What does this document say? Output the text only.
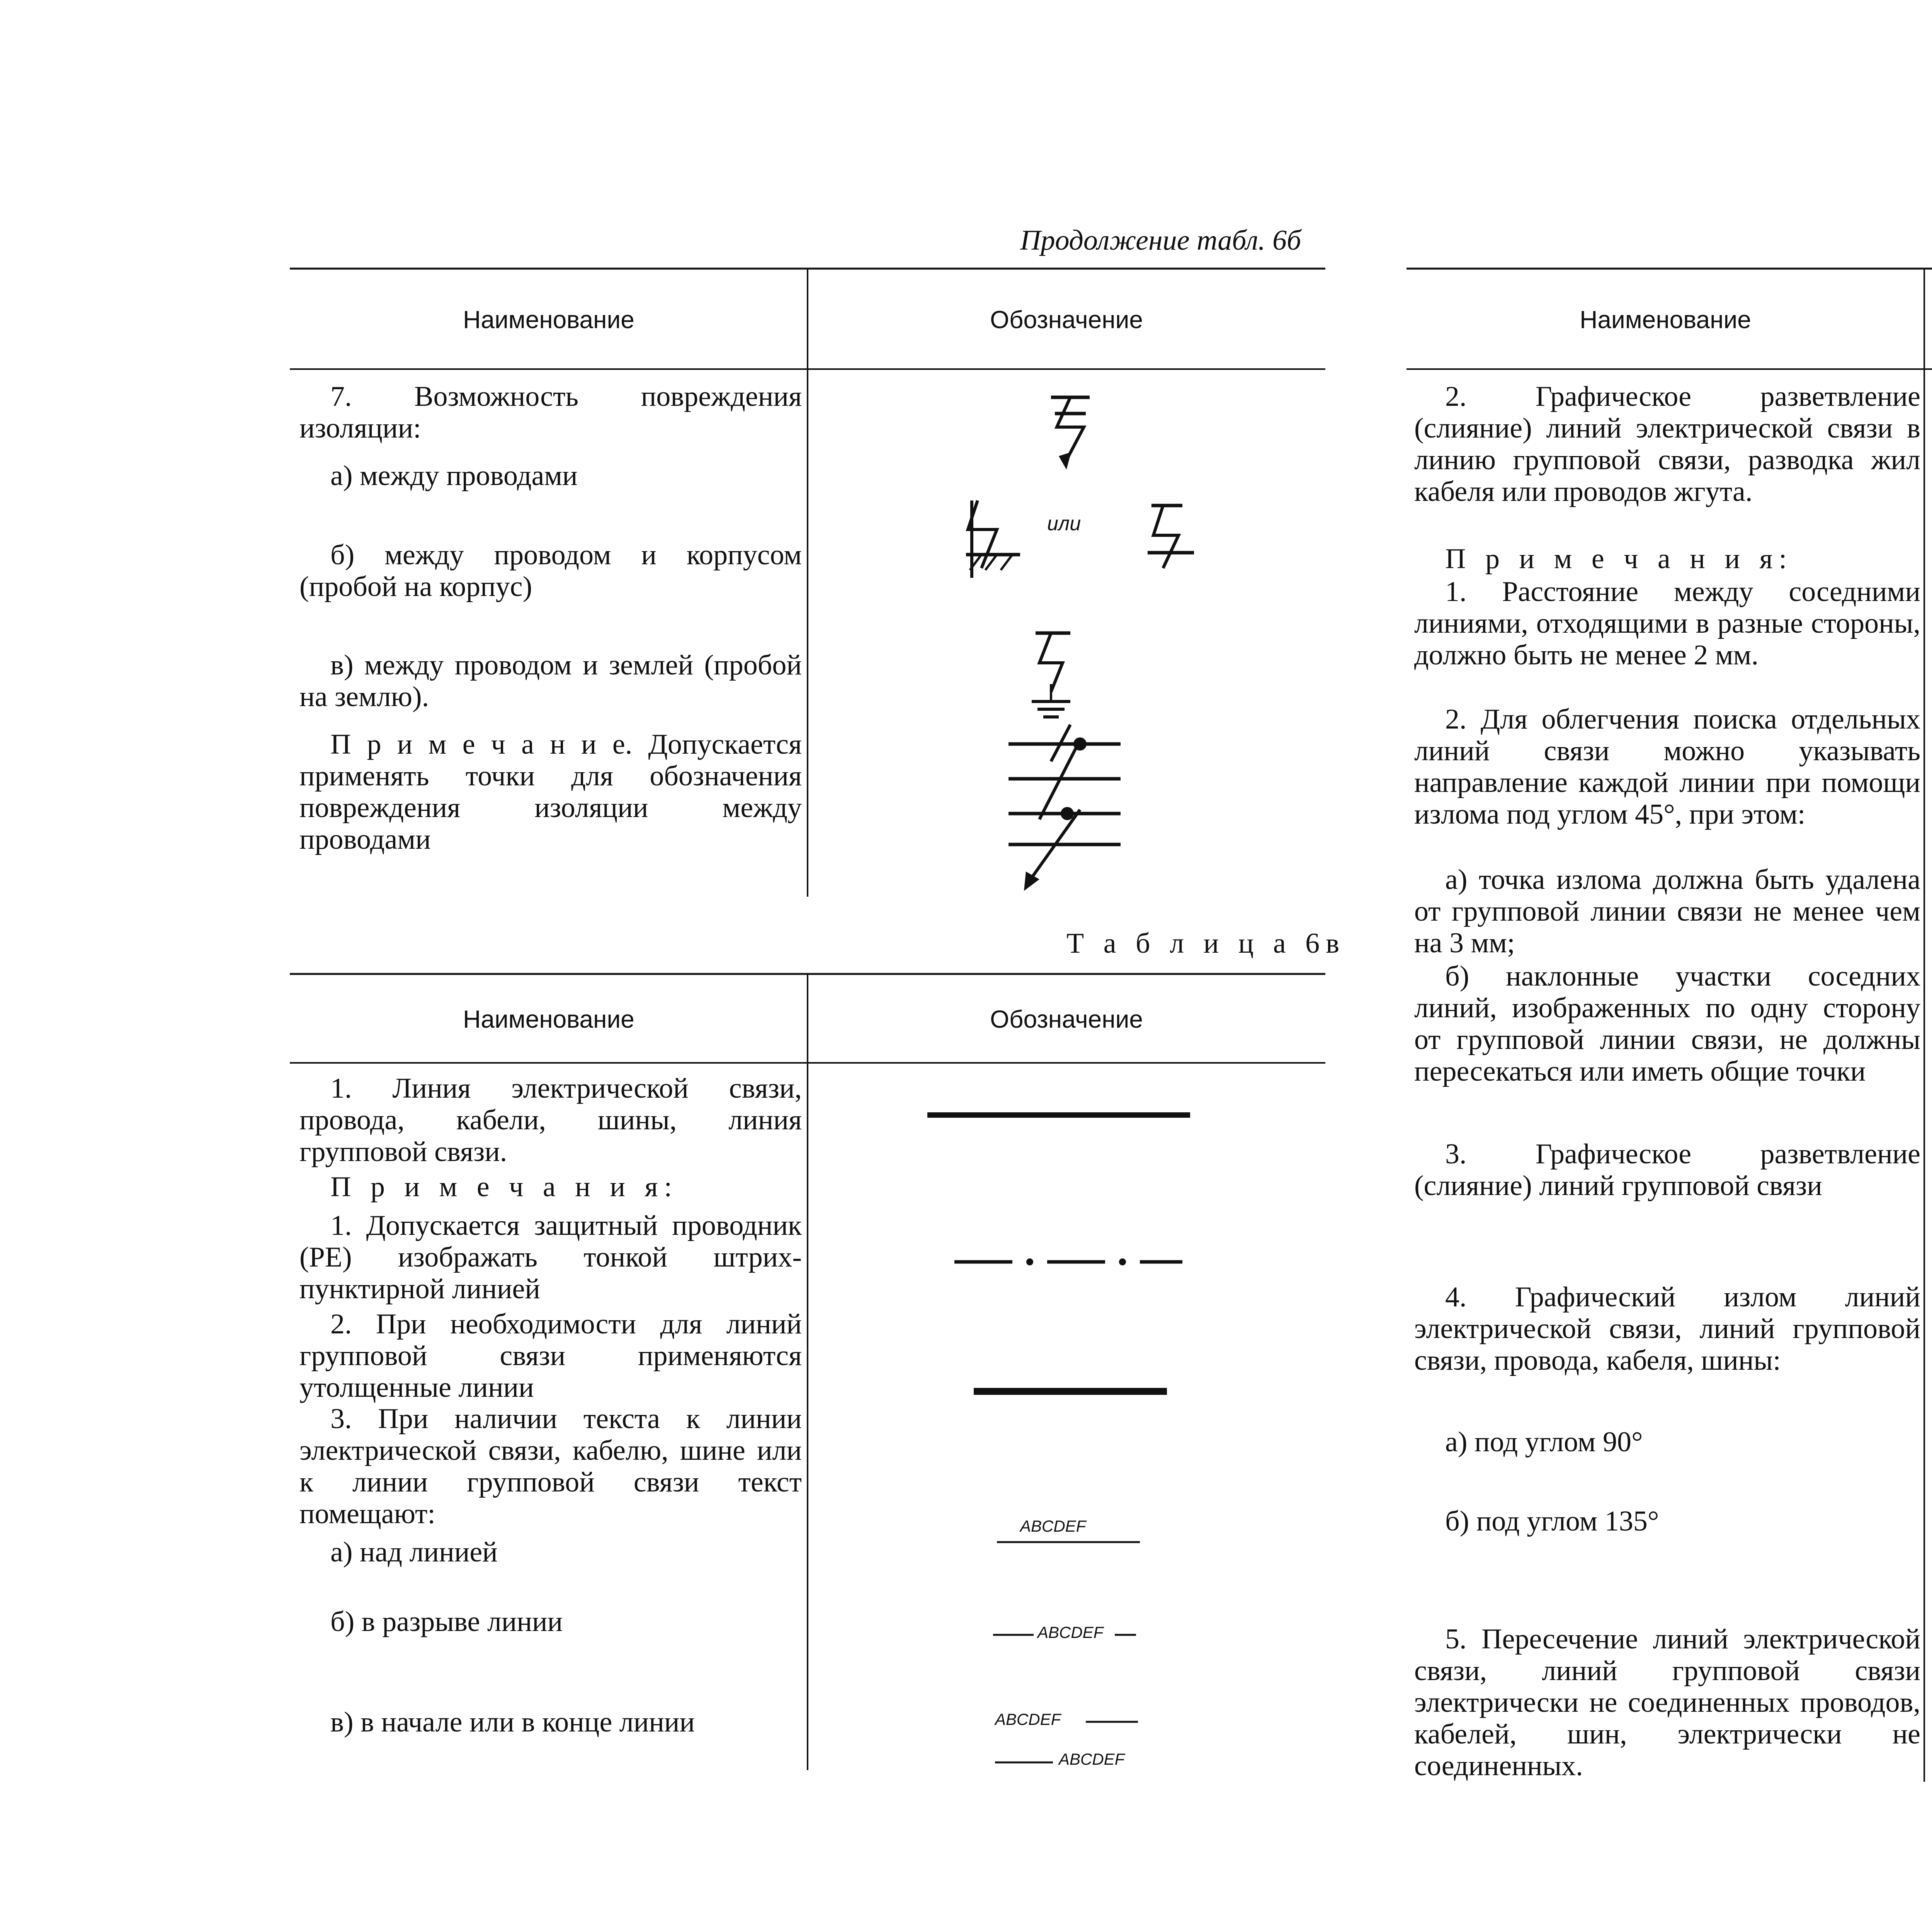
Продолжение табл. 6б
Наименование	Обозначение
7. Возможность повреждения изоляции:
а) между проводами
б) между проводом и корпусом (пробой на корпус)
в) между проводом и землей (пробой на землю).
П р и м е ч а н и е. Допускается применять точки для обозначения повреждения изоляции между проводами
или
Т а б л и ц а 6в
Наименование	Обозначение
1. Линия электрической связи, провода, кабели, шины, линия групповой связи.
П р и м е ч а н и я:
1. Допускается защитный проводник (PE) изображать тонкой штрих-пунктирной линией
2. При необходимости для линий групповой связи применяются утолщенные линии
3. При наличии текста к линии электрической связи, кабелю, шине или к линии групповой связи текст помещают:
а) над линией
б) в разрыве линии
в) в начале или в конце линии
ABCDEF
ABCDEF
ABCDEF
ABCDEF
Наименование
2. Графическое разветвление (слияние) линий электрической связи в линию групповой связи, разводка жил кабеля или проводов жгута.
П р и м е ч а н и я:
1. Расстояние между соседними линиями, отходящими в разные стороны, должно быть не менее 2 мм.
2. Для облегчения поиска отдельных линий связи можно указывать направление каждой линии при помощи излома под углом 45°, при этом:
а) точка излома должна быть удалена от групповой линии связи не менее чем на 3 мм;
б) наклонные участки соседних линий, изображенных по одну сторону от групповой линии связи, не должны пересекаться или иметь общие точки
3. Графическое разветвление (слияние) линий групповой связи
4. Графический излом линий электрической связи, линий групповой связи, провода, кабеля, шины:
а) под углом 90°
б) под углом 135°
5. Пересечение линий электрической связи, линий групповой связи электрически не соединенных проводов, кабелей, шин, электрически не соединенных.
